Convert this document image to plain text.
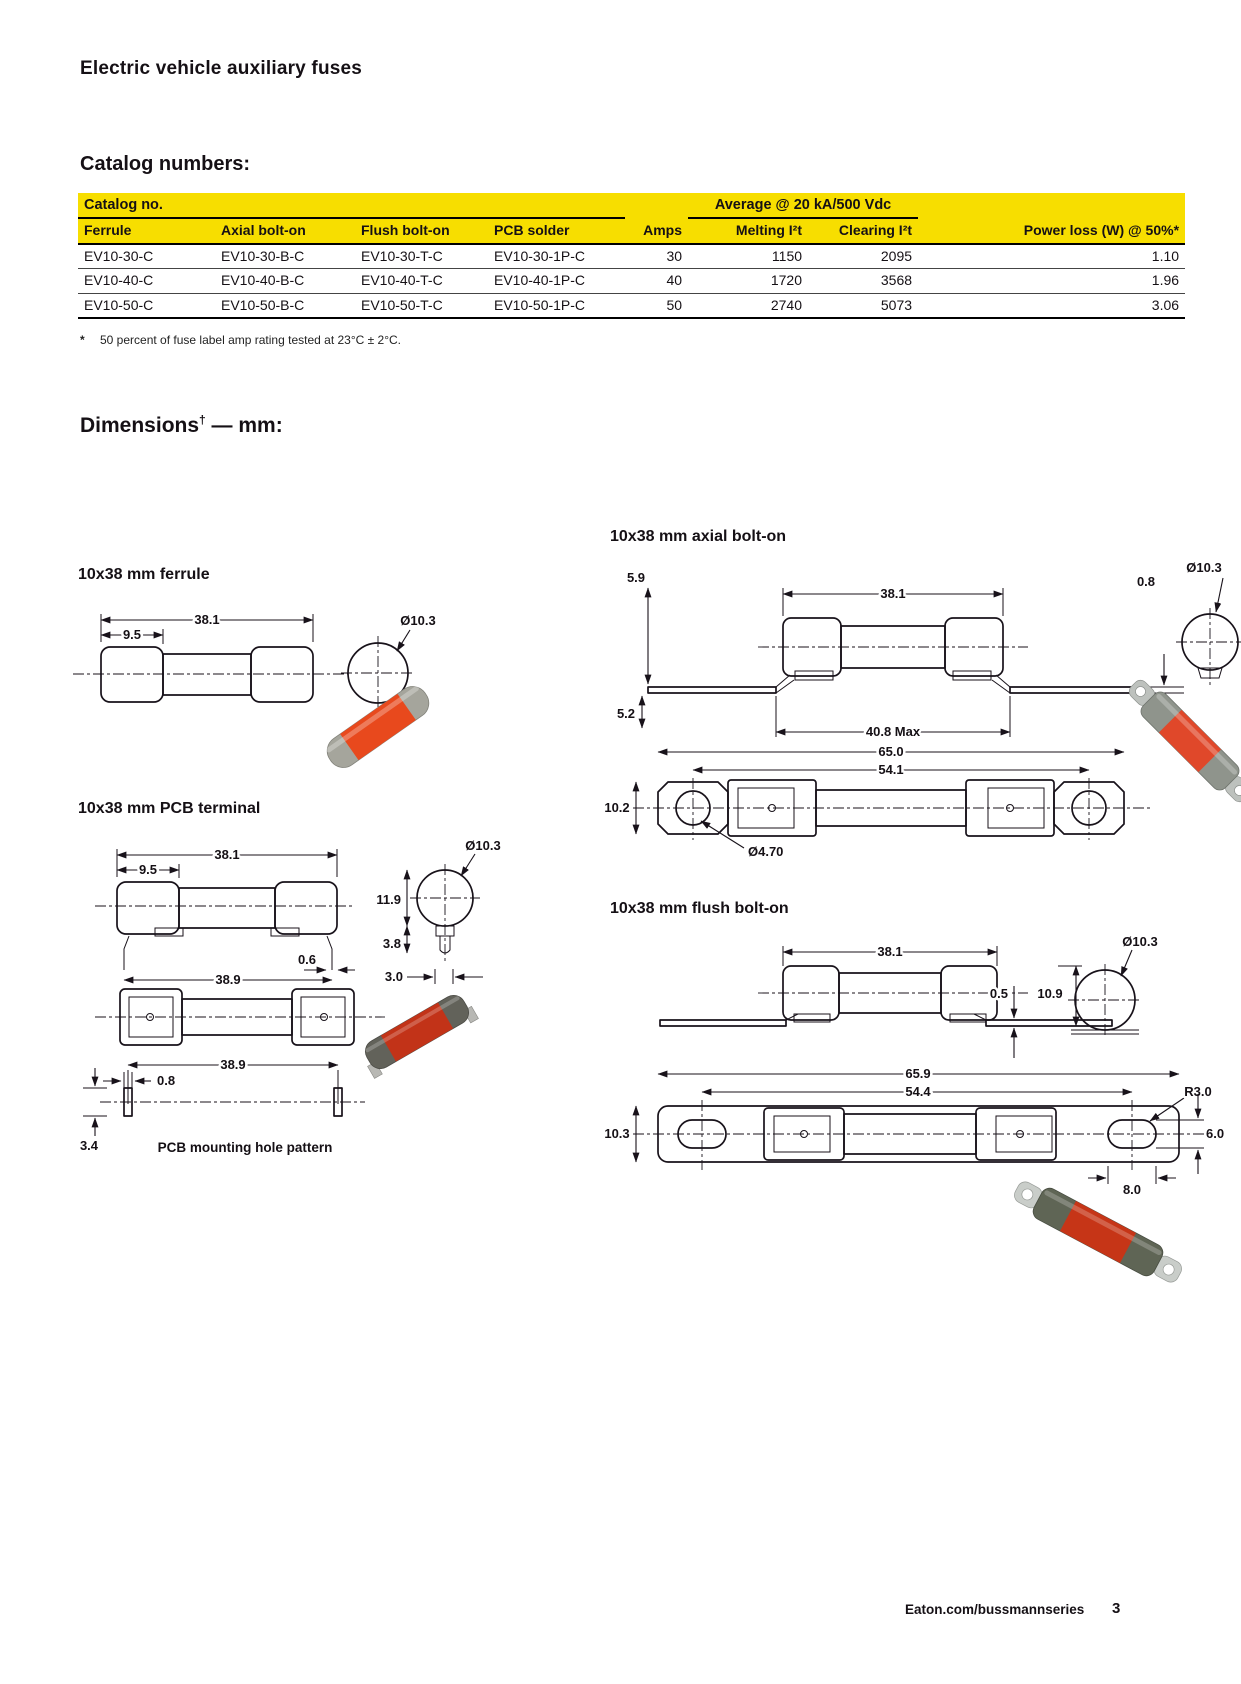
Electric vehicle auxiliary fuses
Catalog numbers:
Catalog no.					Average @ 20 kA/500 Vdc		
Ferrule	Axial bolt-on	Flush bolt-on	PCB solder	Amps	Melting I²t	Clearing I²t	Power loss (W) @ 50%*
EV10-30-C	EV10-30-B-C	EV10-30-T-C	EV10-30-1P-C	30	1150	2095	1.10
EV10-40-C	EV10-40-B-C	EV10-40-T-C	EV10-40-1P-C	40	1720	3568	1.96
EV10-50-C	EV10-50-B-C	EV10-50-T-C	EV10-50-1P-C	50	2740	5073	3.06
* 50 percent of fuse label amp rating tested at 23°C ± 2°C.
Dimensions† — mm:
10x38 mm ferrule
38.1
9.5
Ø10.3
10x38 mm PCB terminal
38.1
9.5
0.6
38.9
11.9
3.8
Ø10.3
3.0
38.9
0.8
3.4	PCB mounting hole pattern
10x38 mm axial bolt-on
5.9
38.1
0.8
Ø10.3
40.8 Max
5.2
65.0
54.1
10.2
Ø4.70
10x38 mm flush bolt-on
38.1
0.5 10.9
Ø10.3
65.9
54.4
10.3
R3.0
6.0
8.0
Eaton.com/bussmannseries 3
